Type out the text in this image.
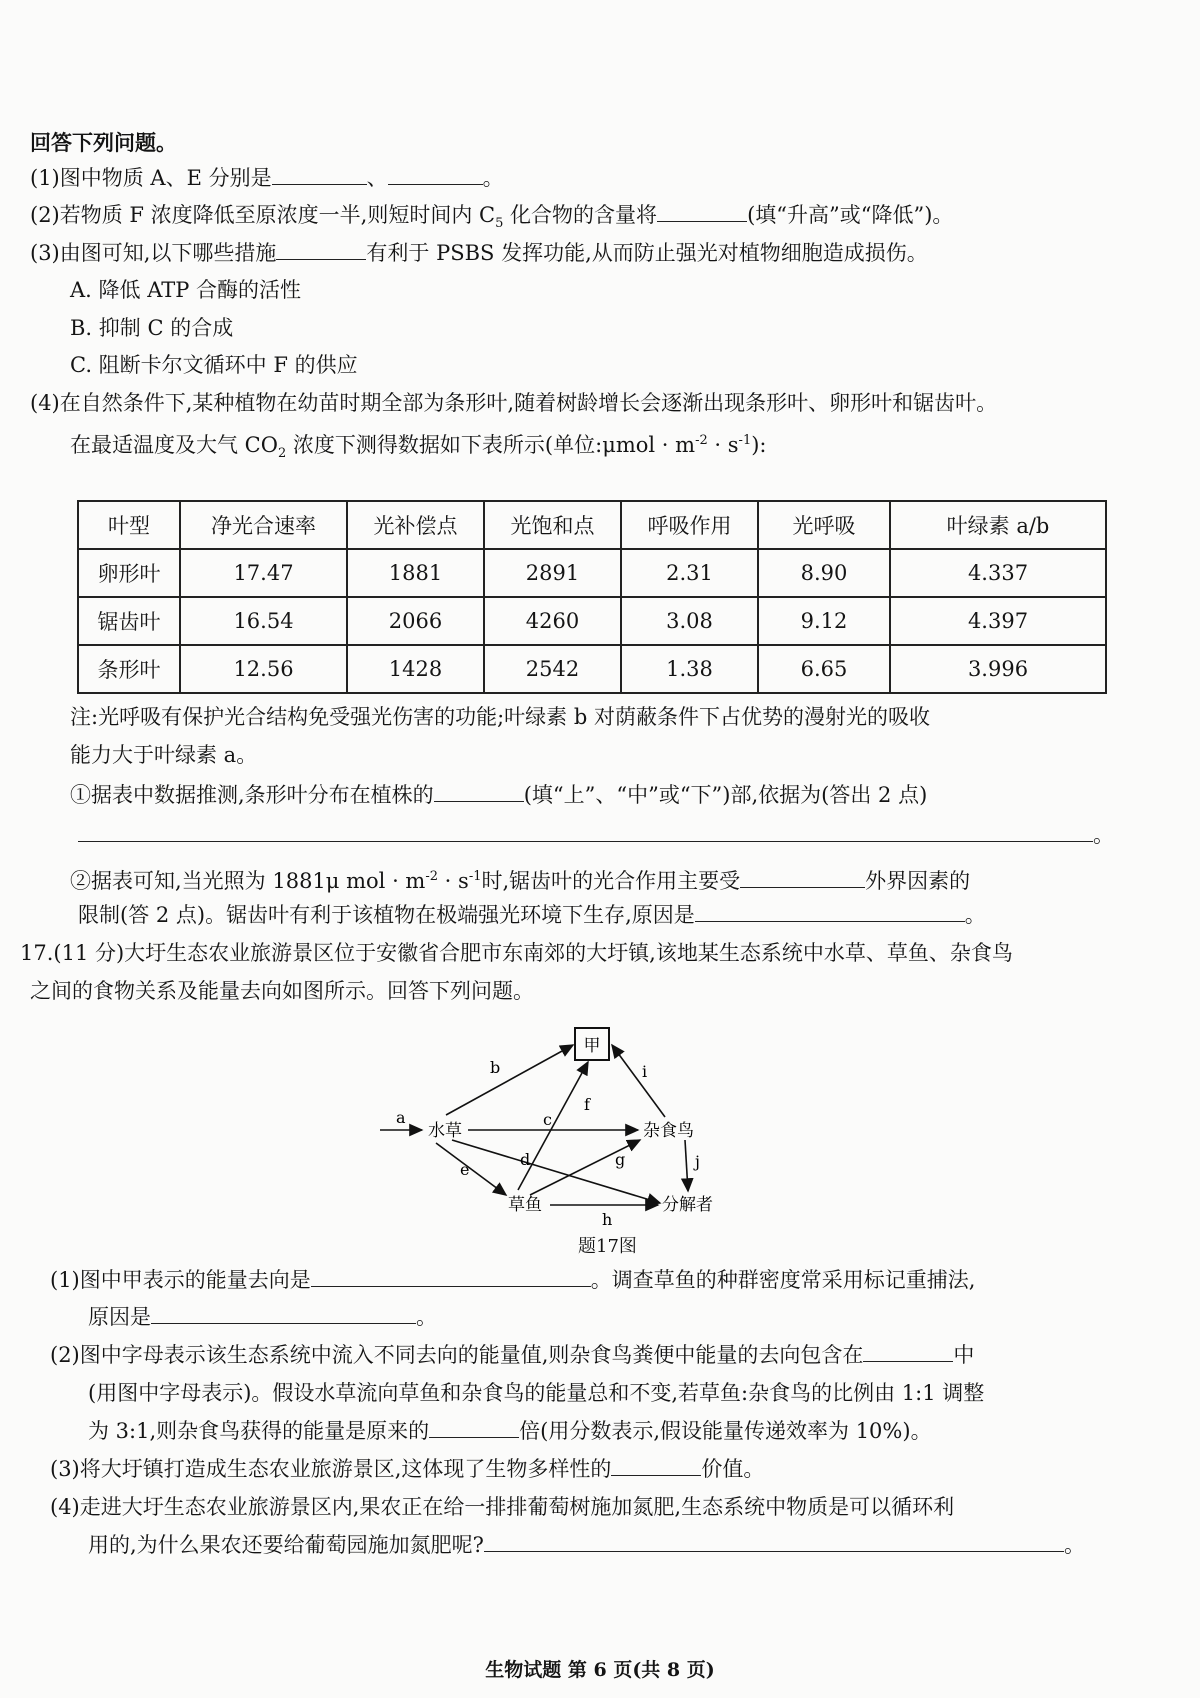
回答下列问题。
(1)图中物质 A、E 分别是	、	。
(2)若物质 F 浓度降低至原浓度一半,则短时间内 $C_5$ 化合物的含量将	(填“升高”或“降低”)。
(3)由图可知,以下哪些措施	有利于 PSBS 发挥功能,从而防止强光对植物细胞造成损伤。
A. 降低 ATP 合酶的活性
B. 抑制 C 的合成
C. 阻断卡尔文循环中 F 的供应
(4)在自然条件下,某种植物在幼苗时期全部为条形叶,随着树龄增长会逐渐出现条形叶、卵形叶和锯齿叶。
在最适温度及大气 $CO_2$ 浓度下测得数据如下表所示(单位:μmol · $m^{-2} \cdot s^{-1}$):
叶型	净光合速率	光补偿点	光饱和点	呼吸作用	光呼吸	叶绿素 a/b
卵形叶	17.47	1881	2891	2.31	8.90	4.337
锯齿叶	16.54	2066	4260	3.08	9.12	4.397
条形叶	12.56	1428	2542	1.38	6.65	3.996
注:光呼吸有保护光合结构免受强光伤害的功能;叶绿素 b 对荫蔽条件下占优势的漫射光的吸收
能力大于叶绿素 a。
①据表中数据推测,条形叶分布在植株的	(填“上”、“中”或“下”)部,依据为(答出 2 点)
。
②据表可知,当光照为 1881μ mol · $m^{-2} \cdot s^{-1}$时,锯齿叶的光合作用主要受	外界因素的
限制(答 2 点)。锯齿叶有利于该植物在极端强光环境下生存,原因是	。
17.(11 分)大圩生态农业旅游景区位于安徽省合肥市东南郊的大圩镇,该地某生态系统中水草、草鱼、杂食鸟
之间的食物关系及能量去向如图所示。回答下列问题。
甲
水草	杂食鸟
草鱼	分解者
a
b
c
d
e
f
g
h
i
j
题17图
(1)图中甲表示的能量去向是	。调查草鱼的种群密度常采用标记重捕法,
原因是	。
(2)图中字母表示该生态系统中流入不同去向的能量值,则杂食鸟粪便中能量的去向包含在	中
(用图中字母表示)。假设水草流向草鱼和杂食鸟的能量总和不变,若草鱼:杂食鸟的比例由 1:1 调整
为 3:1,则杂食鸟获得的能量是原来的	倍(用分数表示,假设能量传递效率为 10%)。
(3)将大圩镇打造成生态农业旅游景区,这体现了生物多样性的	价值。
(4)走进大圩生态农业旅游景区内,果农正在给一排排葡萄树施加氮肥,生态系统中物质是可以循环利
用的,为什么果农还要给葡萄园施加氮肥呢?	。
生物试题 第 6 页(共 8 页)
